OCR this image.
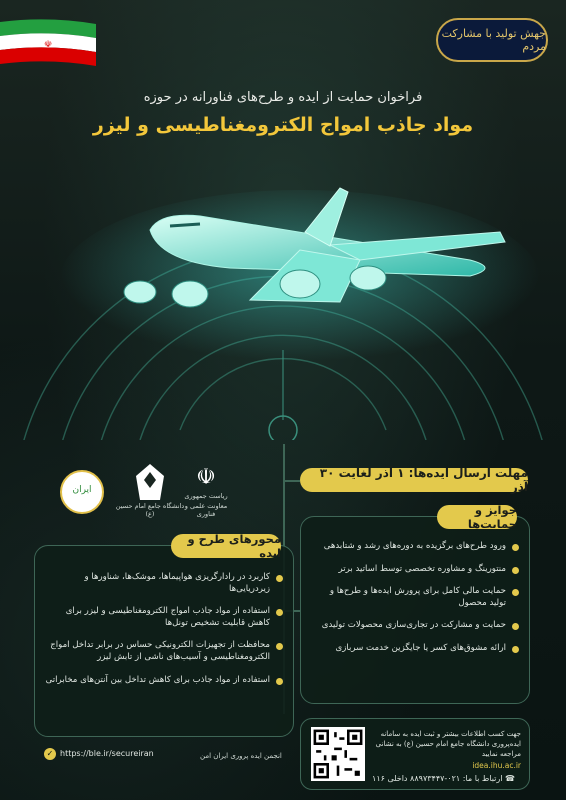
☫
جهش تولید با مشارکت مردم
فراخوان حمایت از ایده و طرح‌های فناورانه در حوزه
مواد جاذب امواج الکترومغناطیسی و لیزر
ایران
دانشگاه جامع امام حسین (ع)
☫
ریاست جمهوری
معاونت علمی و فناوری
مهلت ارسال ایده‌ها: ۱ آذر لغایت ۳۰ آذر
جوایز و حمایت‌ها
ورود طرح‌های برگزیده به دوره‌های رشد و شتابدهی
منتورینگ و مشاوره تخصصی توسط اساتید برتر
حمایت مالی کامل برای پرورش ایده‌ها و طرح‌ها و تولید محصول
حمایت و مشارکت در تجاری‌سازی محصولات تولیدی
ارائه مشوق‌های کسر یا جایگزین خدمت سربازی
محورهای طرح و ایده
کاربرد در رادارگریزی هواپیماها، موشک‌ها، شناورها و زیردریایی‌ها
استفاده از مواد جاذب امواج الکترومغناطیسی و لیزر برای کاهش قابلیت تشخیص تونل‌ها
محافظت از تجهیزات الکترونیکی حساس در برابر تداخل امواج الکترومغناطیسی و آسیب‌های ناشی از تابش لیزر
استفاده از مواد جاذب برای کاهش تداخل بین آنتن‌های مخابراتی
جهت کسب اطلاعات بیشتر و ثبت ایده به سامانه ایده‌پروری دانشگاه جامع امام حسین (ع) به نشانی مراجعه نمایید
idea.ihu.ac.ir
☎ ارتباط با ما: ۰۲۱-۸۸۹۷۳۴۴۷ داخلی ۱۱۶
✓ https://ble.ir/secureiran	انجمن ایده پروری ایران امن
